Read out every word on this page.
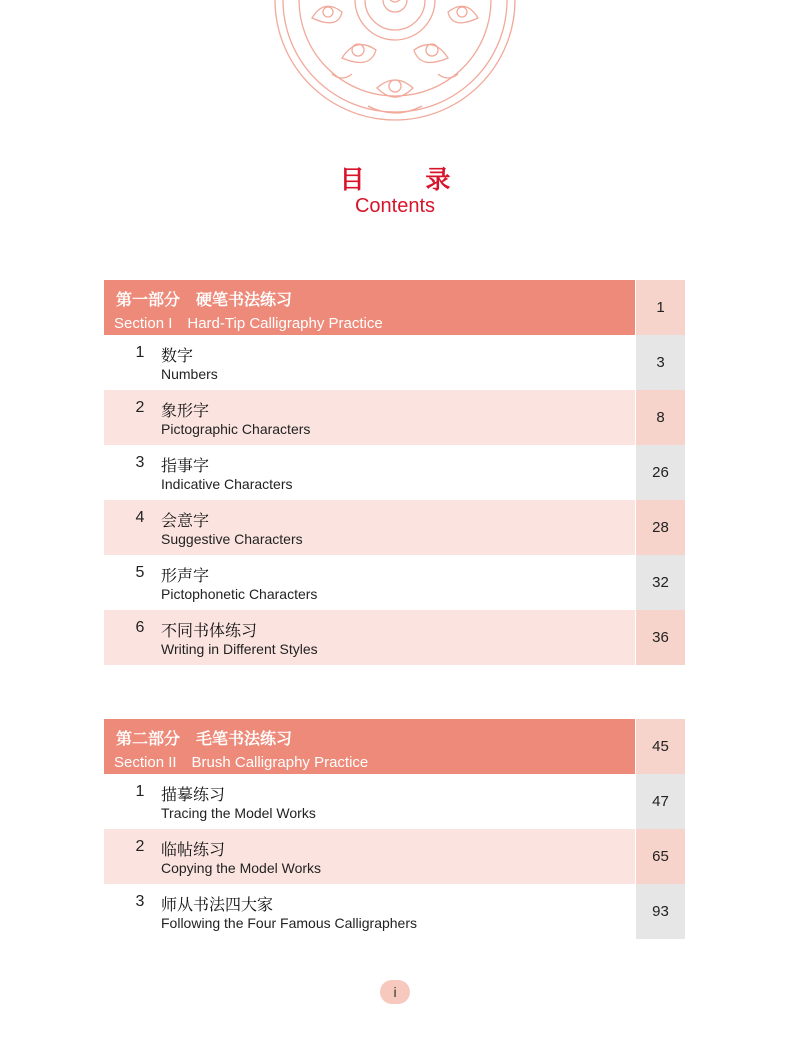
目 录
Contents
第一部分　硬笔书法练习
Section I　Hard-Tip Calligraphy Practice
1
1 数字
Numbers
3
2 象形字
Pictographic Characters
8
3 指事字
Indicative Characters
26
4 会意字
Suggestive Characters
28
5 形声字
Pictophonetic Characters
32
6 不同书体练习
Writing in Different Styles
36
第二部分　毛笔书法练习
Section II　Brush Calligraphy Practice
45
1 描摹练习
Tracing the Model Works
47
2 临帖练习
Copying the Model Works
65
3 师从书法四大家
Following the Four Famous Calligraphers
93
i
